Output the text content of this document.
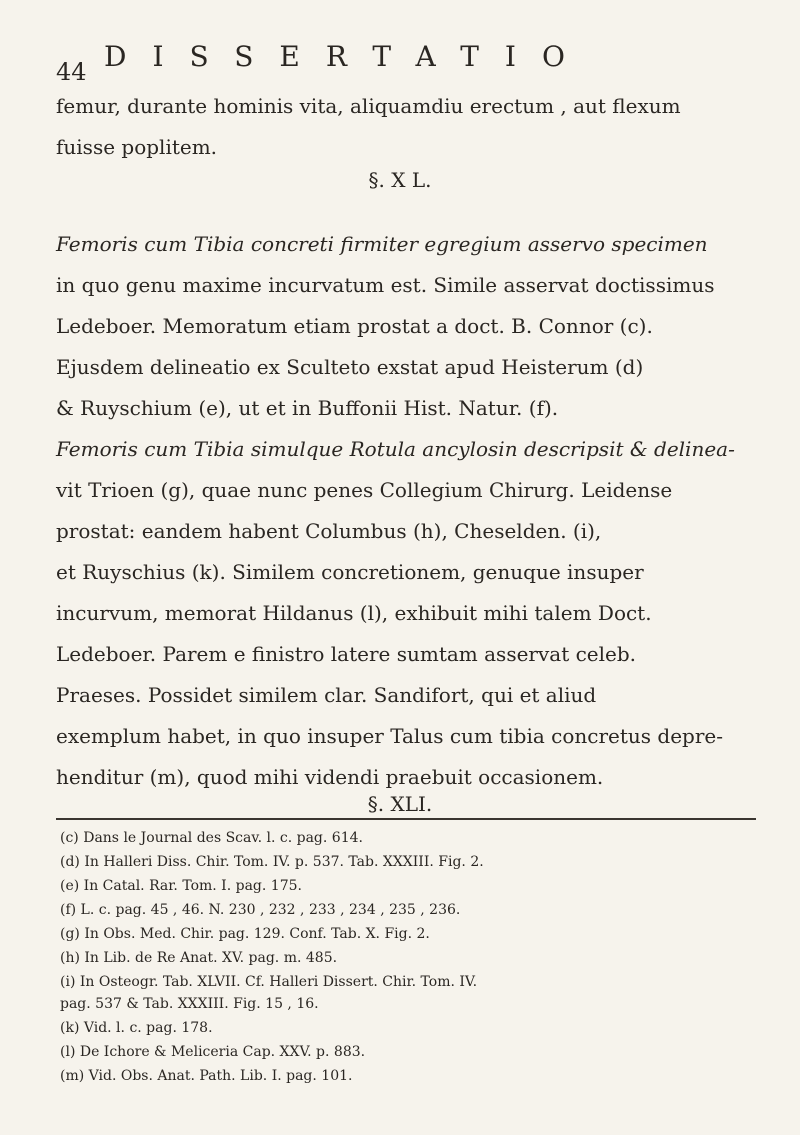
44 DISSERTATIO
femur, durante hominis vita, aliquamdiu erectum , aut flexum
fuisse poplitem.
§. X L.
Femoris cum Tibia concreti firmiter egregium asservo specimen
in quo genu maxime incurvatum est. Simile asservat doctissimus
Ledeboer. Memoratum etiam prostat a doct. B. Connor (c).
Ejusdem delineatio ex Sculteto exstat apud Heisterum (d)
& Ruyschium (e), ut et in Buffonii Hist. Natur. (f).
Femoris cum Tibia simulque Rotula ancylosin descripsit & delinea-
vit Trioen (g), quae nunc penes Collegium Chirurg. Leidense
prostat: eandem habent Columbus (h), Cheselden. (i),
et Ruyschius (k). Similem concretionem, genuque insuper
incurvum, memorat Hildanus (l), exhibuit mihi talem Doct.
Ledeboer. Parem e finistro latere sumtam asservat celeb.
Praeses. Possidet similem clar. Sandifort, qui et aliud
exemplum habet, in quo insuper Talus cum tibia concretus depre-
henditur (m), quod mihi videndi praebuit occasionem.
§. XLI.
(c) Dans le Journal des Scav. l. c. pag. 614.
(d) In Halleri Diss. Chir. Tom. IV. p. 537. Tab. XXXIII. Fig. 2.
(e) In Catal. Rar. Tom. I. pag. 175.
(f) L. c. pag. 45 , 46. N. 230 , 232 , 233 , 234 , 235 , 236.
(g) In Obs. Med. Chir. pag. 129. Conf. Tab. X. Fig. 2.
(h) In Lib. de Re Anat. XV. pag. m. 485.
(i) In Osteogr. Tab. XLVII. Cf. Halleri Dissert. Chir. Tom. IV.
pag. 537 & Tab. XXXIII. Fig. 15 , 16.
(k) Vid. l. c. pag. 178.
(l) De Ichore & Meliceria Cap. XXV. p. 883.
(m) Vid. Obs. Anat. Path. Lib. I. pag. 101.
